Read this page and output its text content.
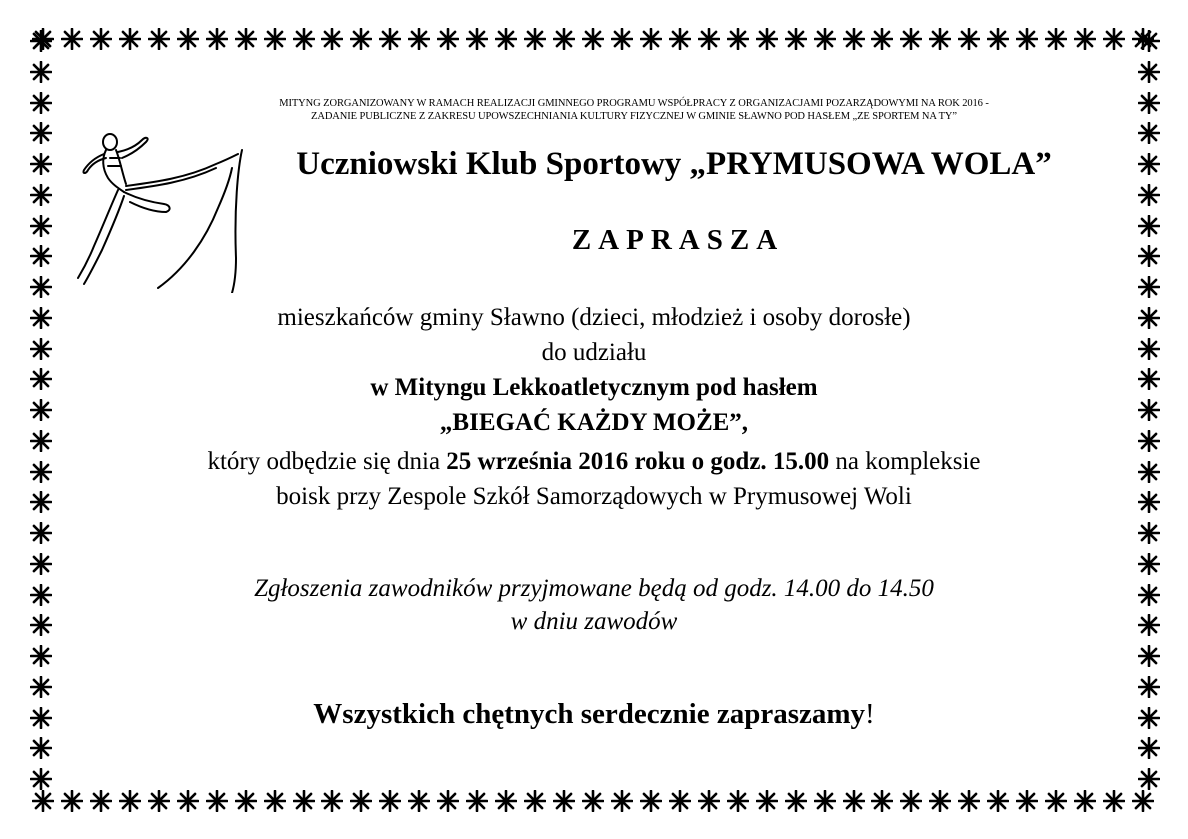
MITYNG ZORGANIZOWANY W RAMACH REALIZACJI GMINNEGO PROGRAMU WSPÓŁPRACY Z ORGANIZACJAMI POZARZĄDOWYMI NA ROK 2016 -
ZADANIE PUBLICZNE Z ZAKRESU UPOWSZECHNIANIA KULTURY FIZYCZNEJ W GMINIE SŁAWNO POD HASŁEM „ZE SPORTEM NA TY”
Uczniowski Klub Sportowy „PRYMUSOWA WOLA”
ZAPRASZA
mieszkańców gminy Sławno (dzieci, młodzież i osoby dorosłe)
do udziału
w Mityngu Lekkoatletycznym pod hasłem
„BIEGAĆ KAŻDY MOŻE”,
który odbędzie się dnia 25 września 2016 roku o godz. 15.00 na kompleksie
boisk przy Zespole Szkół Samorządowych w Prymusowej Woli
Zgłoszenia zawodników przyjmowane będą od godz. 14.00 do 14.50
w dniu zawodów
Wszystkich chętnych serdecznie zapraszamy!
